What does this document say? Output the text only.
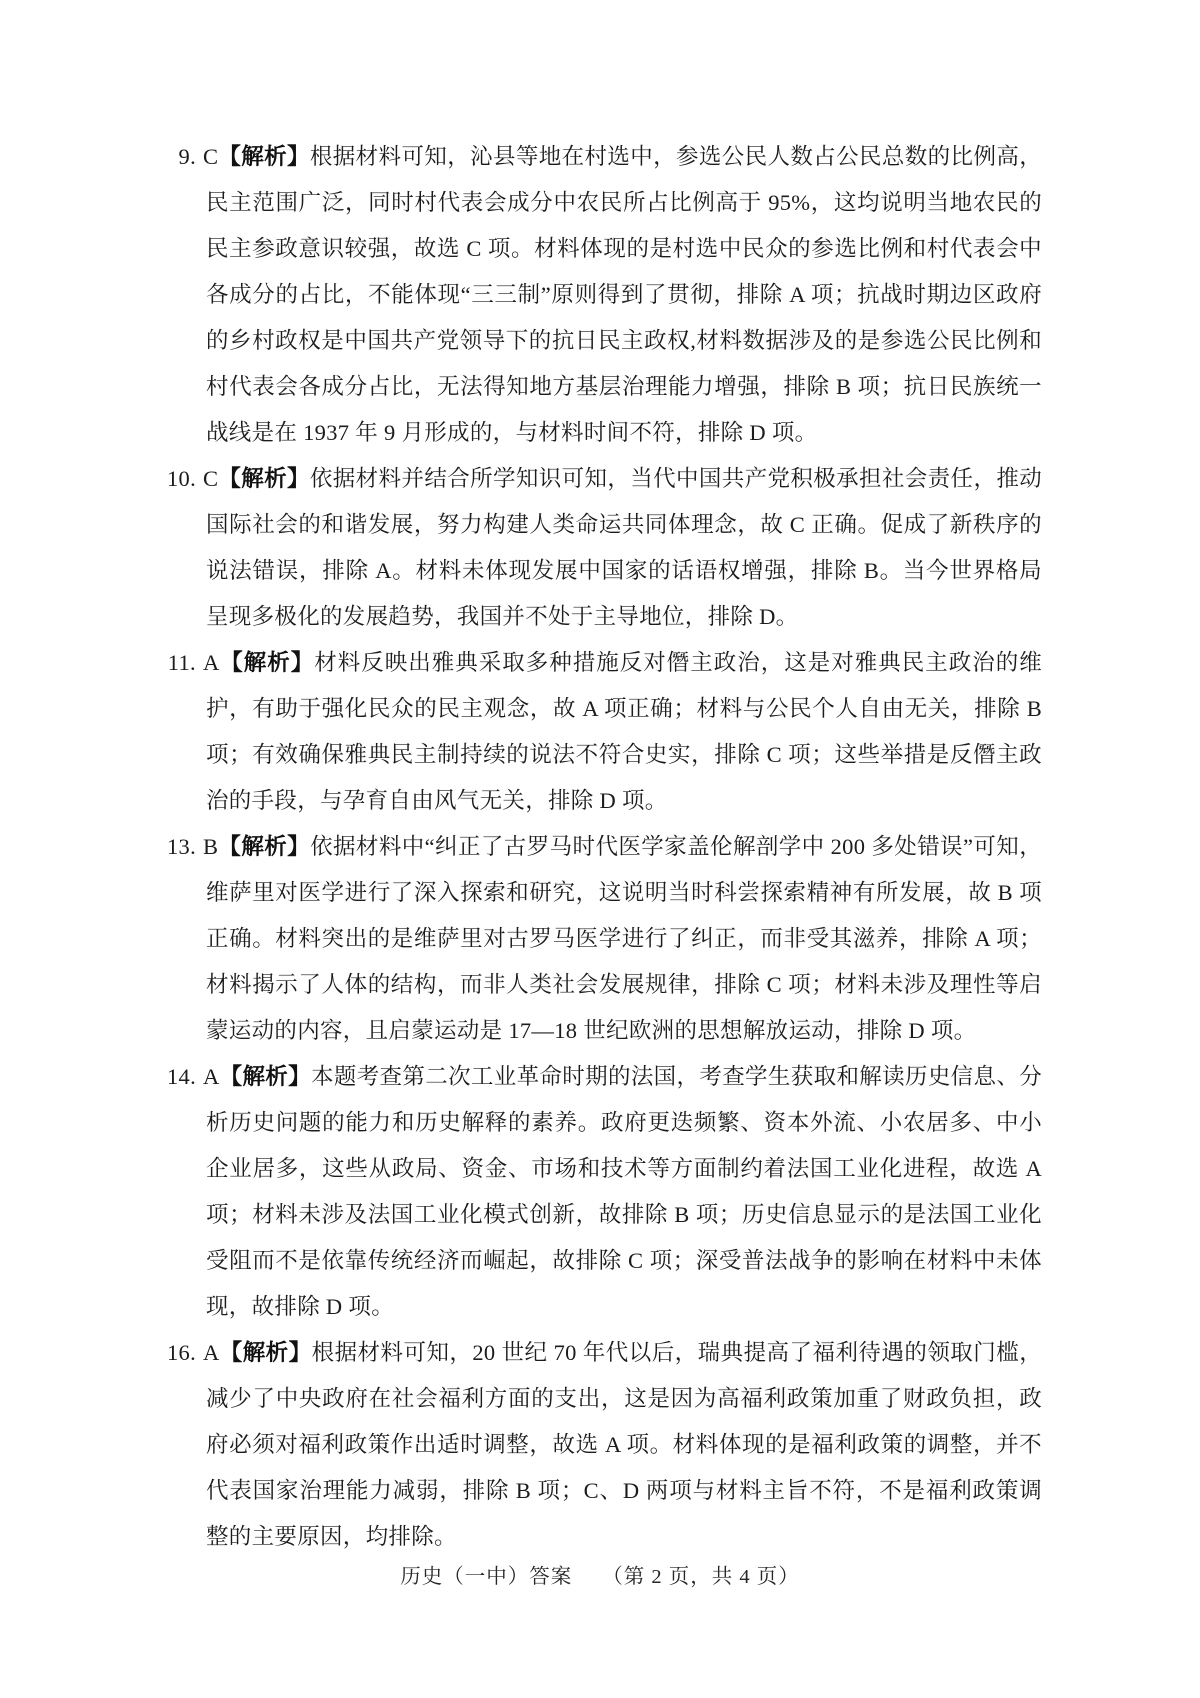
9. C【解析】根据材料可知，沁县等地在村选中，参选公民人数占公民总数的比例高，民主范围广泛，同时村代表会成分中农民所占比例高于 95%，这均说明当地农民的民主参政意识较强，故选 C 项。材料体现的是村选中民众的参选比例和村代表会中各成分的占比，不能体现“三三制”原则得到了贯彻，排除 A 项；抗战时期边区政府的乡村政权是中国共产党领导下的抗日民主政权,材料数据涉及的是参选公民比例和村代表会各成分占比，无法得知地方基层治理能力增强，排除 B 项；抗日民族统一战线是在 1937 年 9 月形成的，与材料时间不符，排除 D 项。

10. C【解析】依据材料并结合所学知识可知，当代中国共产党积极承担社会责任，推动国际社会的和谐发展，努力构建人类命运共同体理念，故 C 正确。促成了新秩序的说法错误，排除 A。材料未体现发展中国家的话语权增强，排除 B。当今世界格局呈现多极化的发展趋势，我国并不处于主导地位，排除 D。

11. A【解析】材料反映出雅典采取多种措施反对僭主政治，这是对雅典民主政治的维护，有助于强化民众的民主观念，故 A 项正确；材料与公民个人自由无关，排除 B 项；有效确保雅典民主制持续的说法不符合史实，排除 C 项；这些举措是反僭主政治的手段，与孕育自由风气无关，排除 D 项。

13. B【解析】依据材料中“纠正了古罗马时代医学家盖伦解剖学中 200 多处错误”可知，维萨里对医学进行了深入探索和研究，这说明当时科尝探索精神有所发展，故 B 项正确。材料突出的是维萨里对古罗马医学进行了纠正，而非受其滋养，排除 A 项；材料揭示了人体的结构，而非人类社会发展规律，排除 C 项；材料未涉及理性等启蒙运动的内容，且启蒙运动是 17—18 世纪欧洲的思想解放运动，排除 D 项。

14. A【解析】本题考查第二次工业革命时期的法国，考查学生获取和解读历史信息、分析历史问题的能力和历史解释的素养。政府更迭频繁、资本外流、小农居多、中小企业居多，这些从政局、资金、市场和技术等方面制约着法国工业化进程，故选 A 项；材料未涉及法国工业化模式创新，故排除 B 项；历史信息显示的是法国工业化受阻而不是依靠传统经济而崛起，故排除 C 项；深受普法战争的影响在材料中未体现，故排除 D 项。

16. A【解析】根据材料可知，20 世纪 70 年代以后，瑞典提高了福利待遇的领取门槛，减少了中央政府在社会福利方面的支出，这是因为高福利政策加重了财政负担，政府必须对福利政策作出适时调整，故选 A 项。材料体现的是福利政策的调整，并不代表国家治理能力减弱，排除 B 项；C、D 两项与材料主旨不符，不是福利政策调整的主要原因，均排除。

历史（一中）答案 （第 2 页，共 4 页）
